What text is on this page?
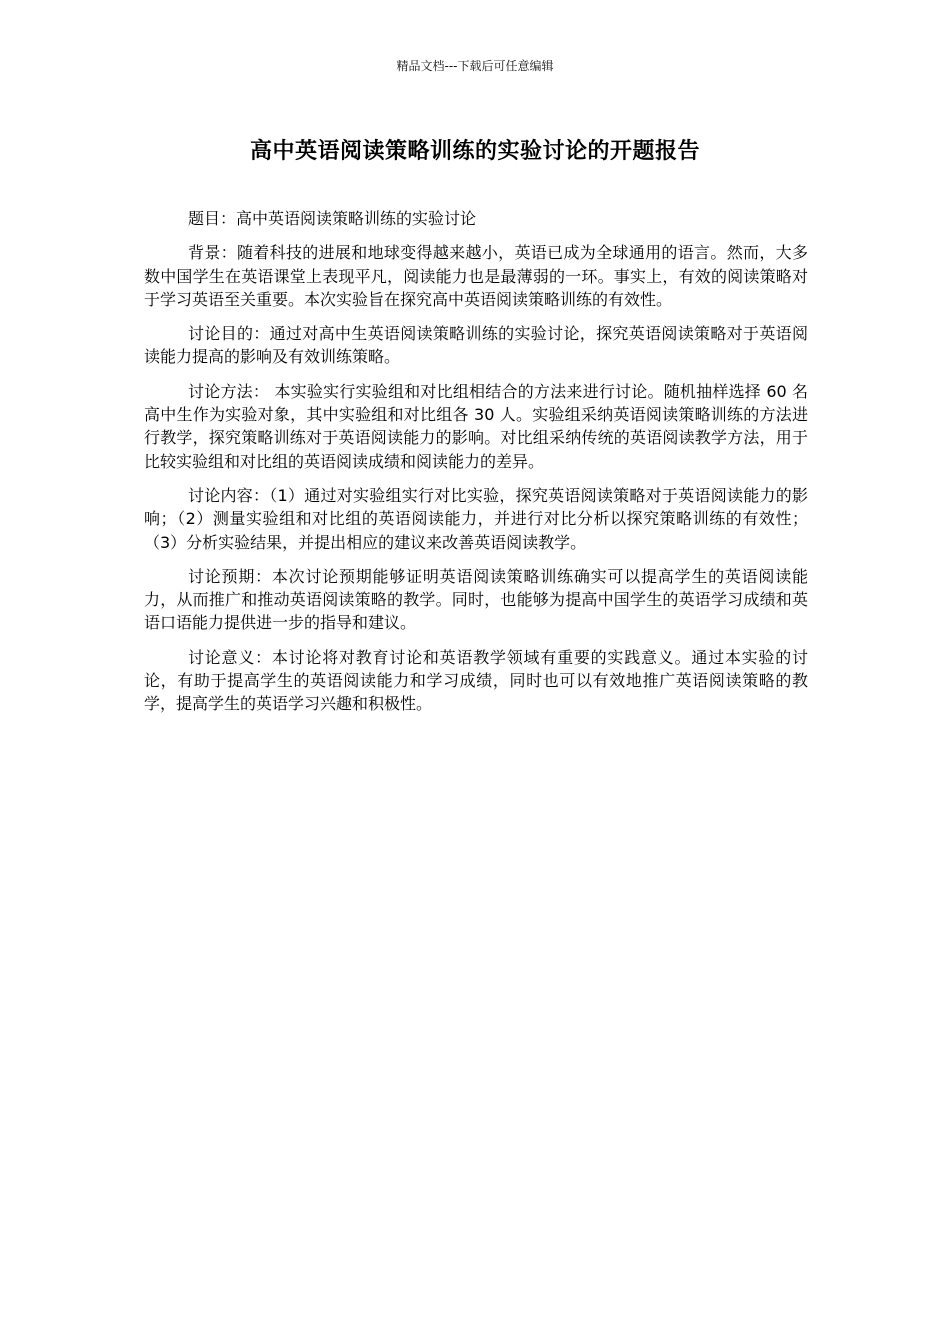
精品文档---下载后可任意编辑
高中英语阅读策略训练的实验讨论的开题报告

题目：高中英语阅读策略训练的实验讨论

背景：随着科技的进展和地球变得越来越小，英语已成为全球通用的语言。然而，大多数中国学生在英语课堂上表现平凡，阅读能力也是最薄弱的一环。事实上，有效的阅读策略对于学习英语至关重要。本次实验旨在探究高中英语阅读策略训练的有效性。

讨论目的：通过对高中生英语阅读策略训练的实验讨论，探究英语阅读策略对于英语阅读能力提高的影响及有效训练策略。

讨论方法： 本实验实行实验组和对比组相结合的方法来进行讨论。随机抽样选择 60 名高中生作为实验对象，其中实验组和对比组各 30 人。实验组采纳英语阅读策略训练的方法进行教学，探究策略训练对于英语阅读能力的影响。对比组采纳传统的英语阅读教学方法，用于比较实验组和对比组的英语阅读成绩和阅读能力的差异。

讨论内容：（1）通过对实验组实行对比实验，探究英语阅读策略对于英语阅读能力的影响；（2）测量实验组和对比组的英语阅读能力，并进行对比分析以探究策略训练的有效性；（3）分析实验结果，并提出相应的建议来改善英语阅读教学。

讨论预期：本次讨论预期能够证明英语阅读策略训练确实可以提高学生的英语阅读能力，从而推广和推动英语阅读策略的教学。同时，也能够为提高中国学生的英语学习成绩和英语口语能力提供进一步的指导和建议。

讨论意义：本讨论将对教育讨论和英语教学领域有重要的实践意义。通过本实验的讨论，有助于提高学生的英语阅读能力和学习成绩，同时也可以有效地推广英语阅读策略的教学，提高学生的英语学习兴趣和积极性。
